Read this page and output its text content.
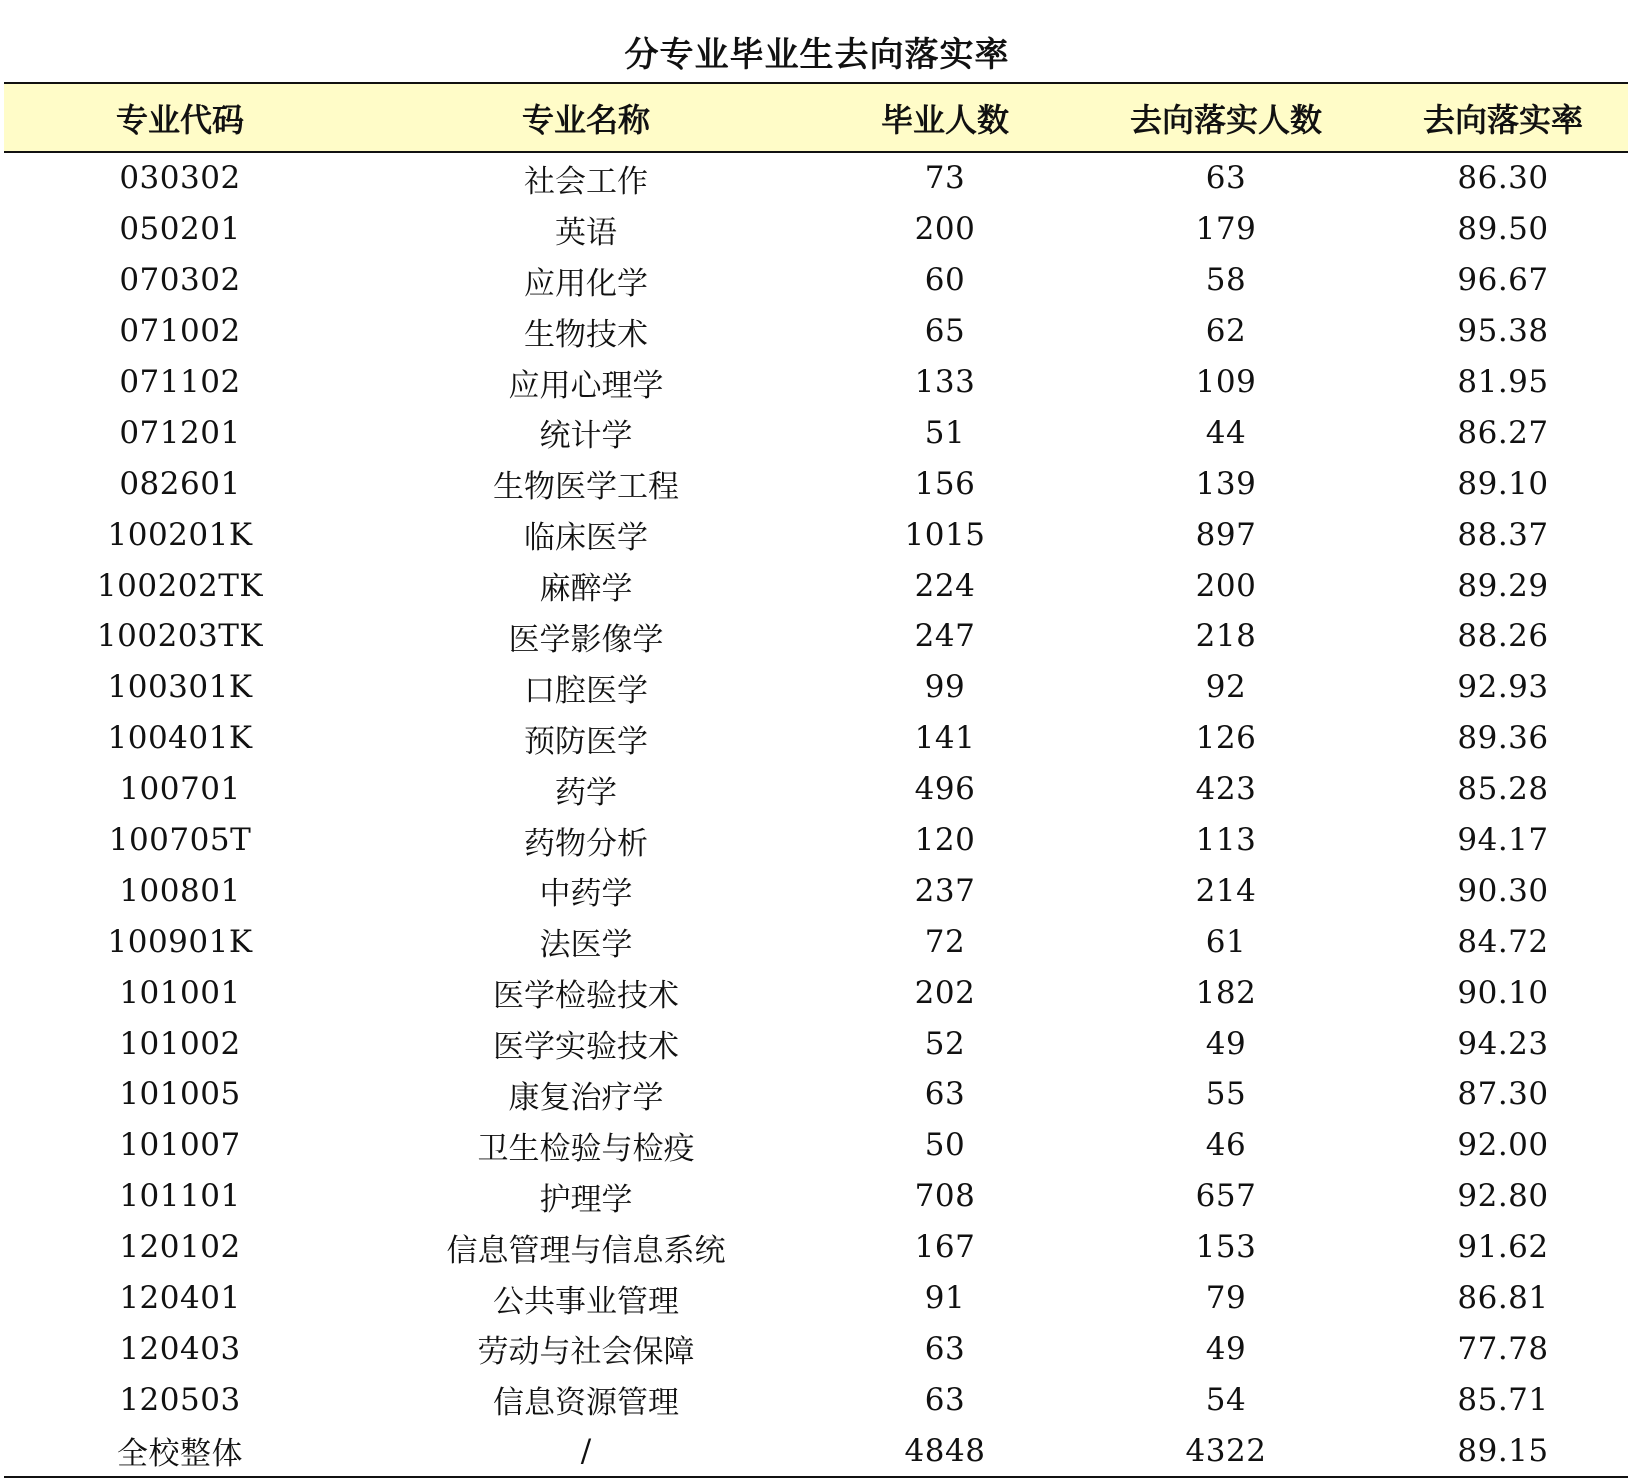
分专业毕业生去向落实率
专业代码	专业名称	毕业人数	去向落实人数	去向落实率
030302	社会工作	73	63	86.30
050201	英语	200	179	89.50
070302	应用化学	60	58	96.67
071002	生物技术	65	62	95.38
071102	应用心理学	133	109	81.95
071201	统计学	51	44	86.27
082601	生物医学工程	156	139	89.10
100201K	临床医学	1015	897	88.37
100202TK	麻醉学	224	200	89.29
100203TK	医学影像学	247	218	88.26
100301K	口腔医学	99	92	92.93
100401K	预防医学	141	126	89.36
100701	药学	496	423	85.28
100705T	药物分析	120	113	94.17
100801	中药学	237	214	90.30
100901K	法医学	72	61	84.72
101001	医学检验技术	202	182	90.10
101002	医学实验技术	52	49	94.23
101005	康复治疗学	63	55	87.30
101007	卫生检验与检疫	50	46	92.00
101101	护理学	708	657	92.80
120102	信息管理与信息系统	167	153	91.62
120401	公共事业管理	91	79	86.81
120403	劳动与社会保障	63	49	77.78
120503	信息资源管理	63	54	85.71
全校整体	/	4848	4322	89.15
